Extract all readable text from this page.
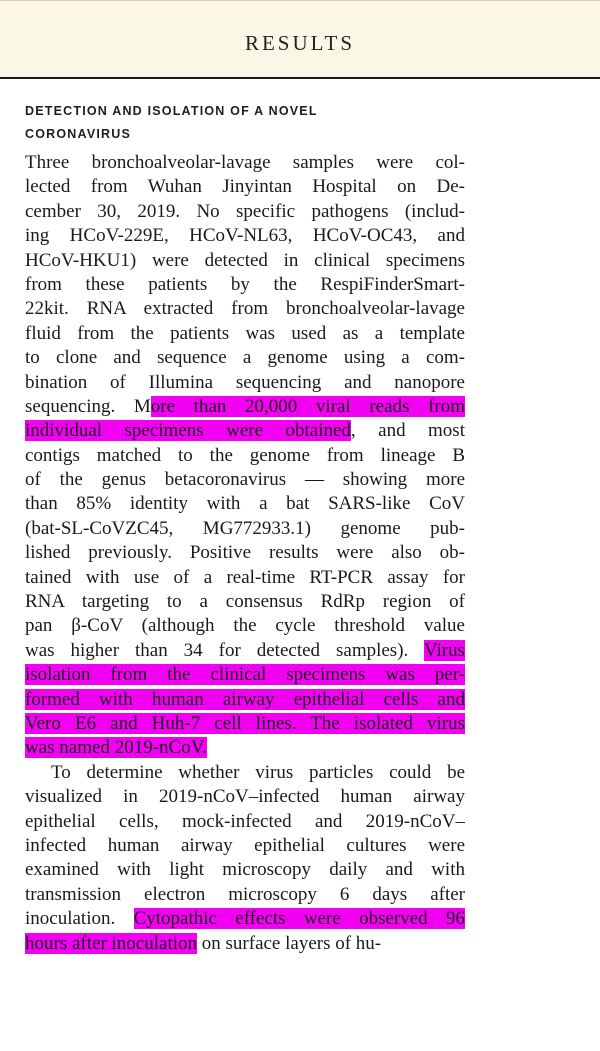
RESULTS
DETECTION AND ISOLATION OF A NOVEL
CORONAVIRUS
Three bronchoalveolar-lavage samples were col-
lected from Wuhan Jinyintan Hospital on De-
cember 30, 2019. No specific pathogens (includ-
ing HCoV-229E, HCoV-NL63, HCoV-OC43, and
HCoV-HKU1) were detected in clinical specimens
from these patients by the RespiFinderSmart-
22kit. RNA extracted from bronchoalveolar-lavage
fluid from the patients was used as a template
to clone and sequence a genome using a com-
bination of Illumina sequencing and nanopore
sequencing. More than 20,000 viral reads from
individual specimens were obtained, and most
contigs matched to the genome from lineage B
of the genus betacoronavirus — showing more
than 85% identity with a bat SARS-like CoV
(bat-SL-CoVZC45, MG772933.1) genome pub-
lished previously. Positive results were also ob-
tained with use of a real-time RT-PCR assay for
RNA targeting to a consensus RdRp region of
pan β-CoV (although the cycle threshold value
was higher than 34 for detected samples). Virus
isolation from the clinical specimens was per-
formed with human airway epithelial cells and
Vero E6 and Huh-7 cell lines. The isolated virus
was named 2019-nCoV.
To determine whether virus particles could be
visualized in 2019-nCoV–infected human airway
epithelial cells, mock-infected and 2019-nCoV–
infected human airway epithelial cultures were
examined with light microscopy daily and with
transmission electron microscopy 6 days after
inoculation. Cytopathic effects were observed 96
hours after inoculation on surface layers of hu-
